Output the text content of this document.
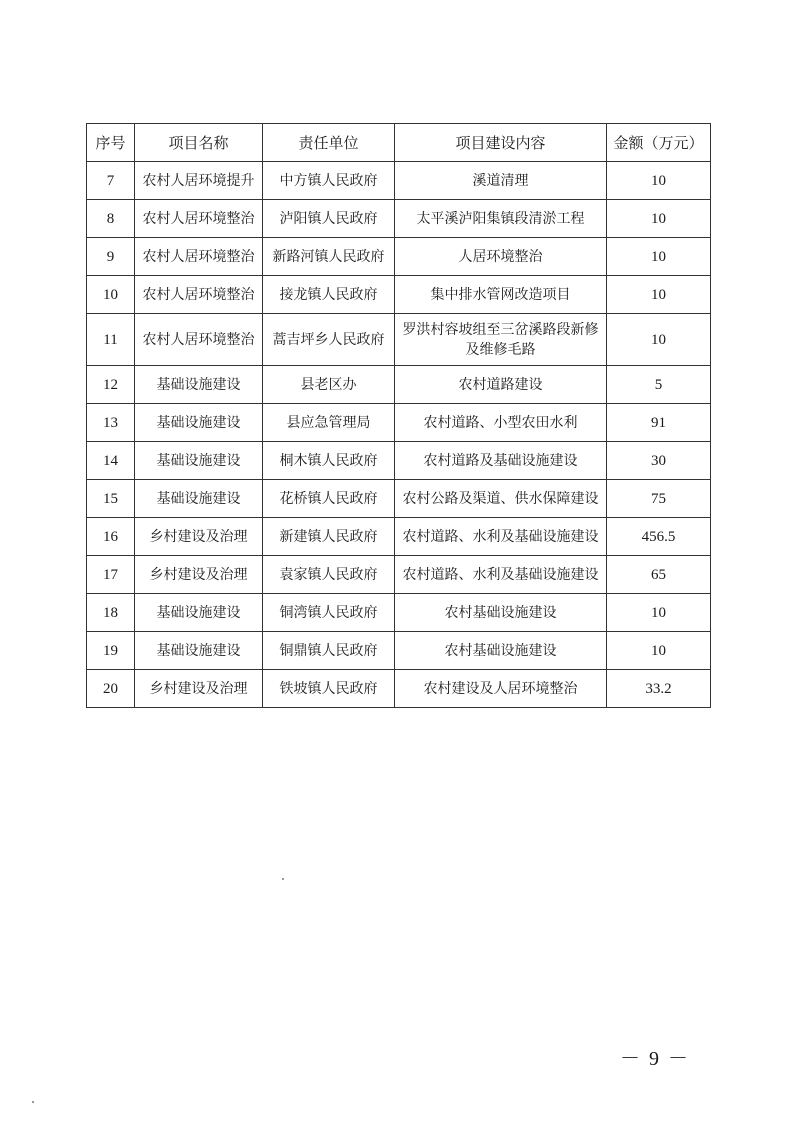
序号	项目名称	责任单位	项目建设内容	金额（万元）
7	农村人居环境提升	中方镇人民政府	溪道清理	10
8	农村人居环境整治	泸阳镇人民政府	太平溪泸阳集镇段清淤工程	10
9	农村人居环境整治	新路河镇人民政府	人居环境整治	10
10	农村人居环境整治	接龙镇人民政府	集中排水管网改造项目	10
11	农村人居环境整治	蒿吉坪乡人民政府	罗洪村容坡组至三岔溪路段新修及维修毛路	10
12	基础设施建设	县老区办	农村道路建设	5
13	基础设施建设	县应急管理局	农村道路、小型农田水利	91
14	基础设施建设	桐木镇人民政府	农村道路及基础设施建设	30
15	基础设施建设	花桥镇人民政府	农村公路及渠道、供水保障建设	75
16	乡村建设及治理	新建镇人民政府	农村道路、水利及基础设施建设	456.5
17	乡村建设及治理	袁家镇人民政府	农村道路、水利及基础设施建设	65
18	基础设施建设	铜湾镇人民政府	农村基础设施建设	10
19	基础设施建设	铜鼎镇人民政府	农村基础设施建设	10
20	乡村建设及治理	铁坡镇人民政府	农村建设及人居环境整治	33.2
－ 9 －
